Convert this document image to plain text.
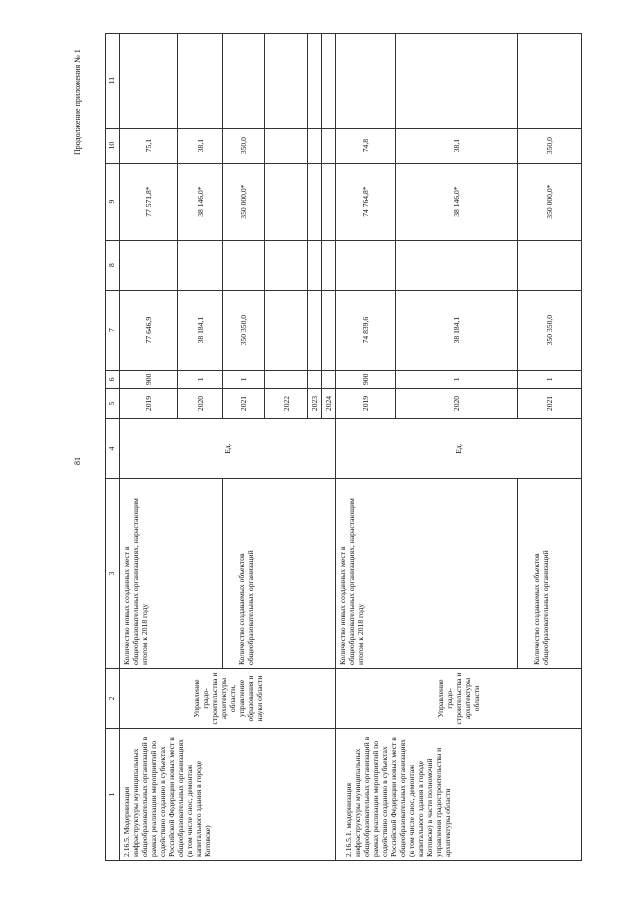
81
Продолжение приложения № 1
1	2	3	4	5	6	7	8	9	10	11
2.16.5. Модернизация инфраструктуры муниципальных общеобразовательных организаций в рамках реализации мероприятий по содействию созданию в субъектах Российской Федерации новых мест в общеобразовательных организациях (в том числе снос, демонтаж капитального здания в городе Котовске)	Управление градо-строительства и архитектуры области, управление образования и науки области	Количество новых созданных мест в общеобразовательных организациях, нарастающим итогом к 2018 году	Ед.	2019	900	77 646,9		77 571,8*	75,1	
				2020	1	38 184,1		38 146,0*	38,1	
		Количество создаваемых объектов общеобразовательных организаций		2021	1	350 350,0		350 000,0*	350,0	
				2022						
				2023						
				2024						
2.16.5.1. модернизация инфраструктуры муниципальных общеобразовательных организаций в рамках реализации мероприятий по содействию созданию в субъектах Российской Федерации новых мест в общеобразовательных организациях (в том числе снос, демонтаж капитального здания в городе Котовске) в части полномочий управления градостроительства и архитектуры области	Управление градо-строительства и архитектуры области	Количество новых созданных мест в общеобразовательных организациях, нарастающим итогом к 2018 году	Ед.	2019	900	74 839,6		74 764,8*	74,8	
				2020	1	38 184,1		38 146,0*	38,1	
		Количество создаваемых объектов общеобразовательных организаций		2021	1	350 350,0		350 000,0*	350,0	
